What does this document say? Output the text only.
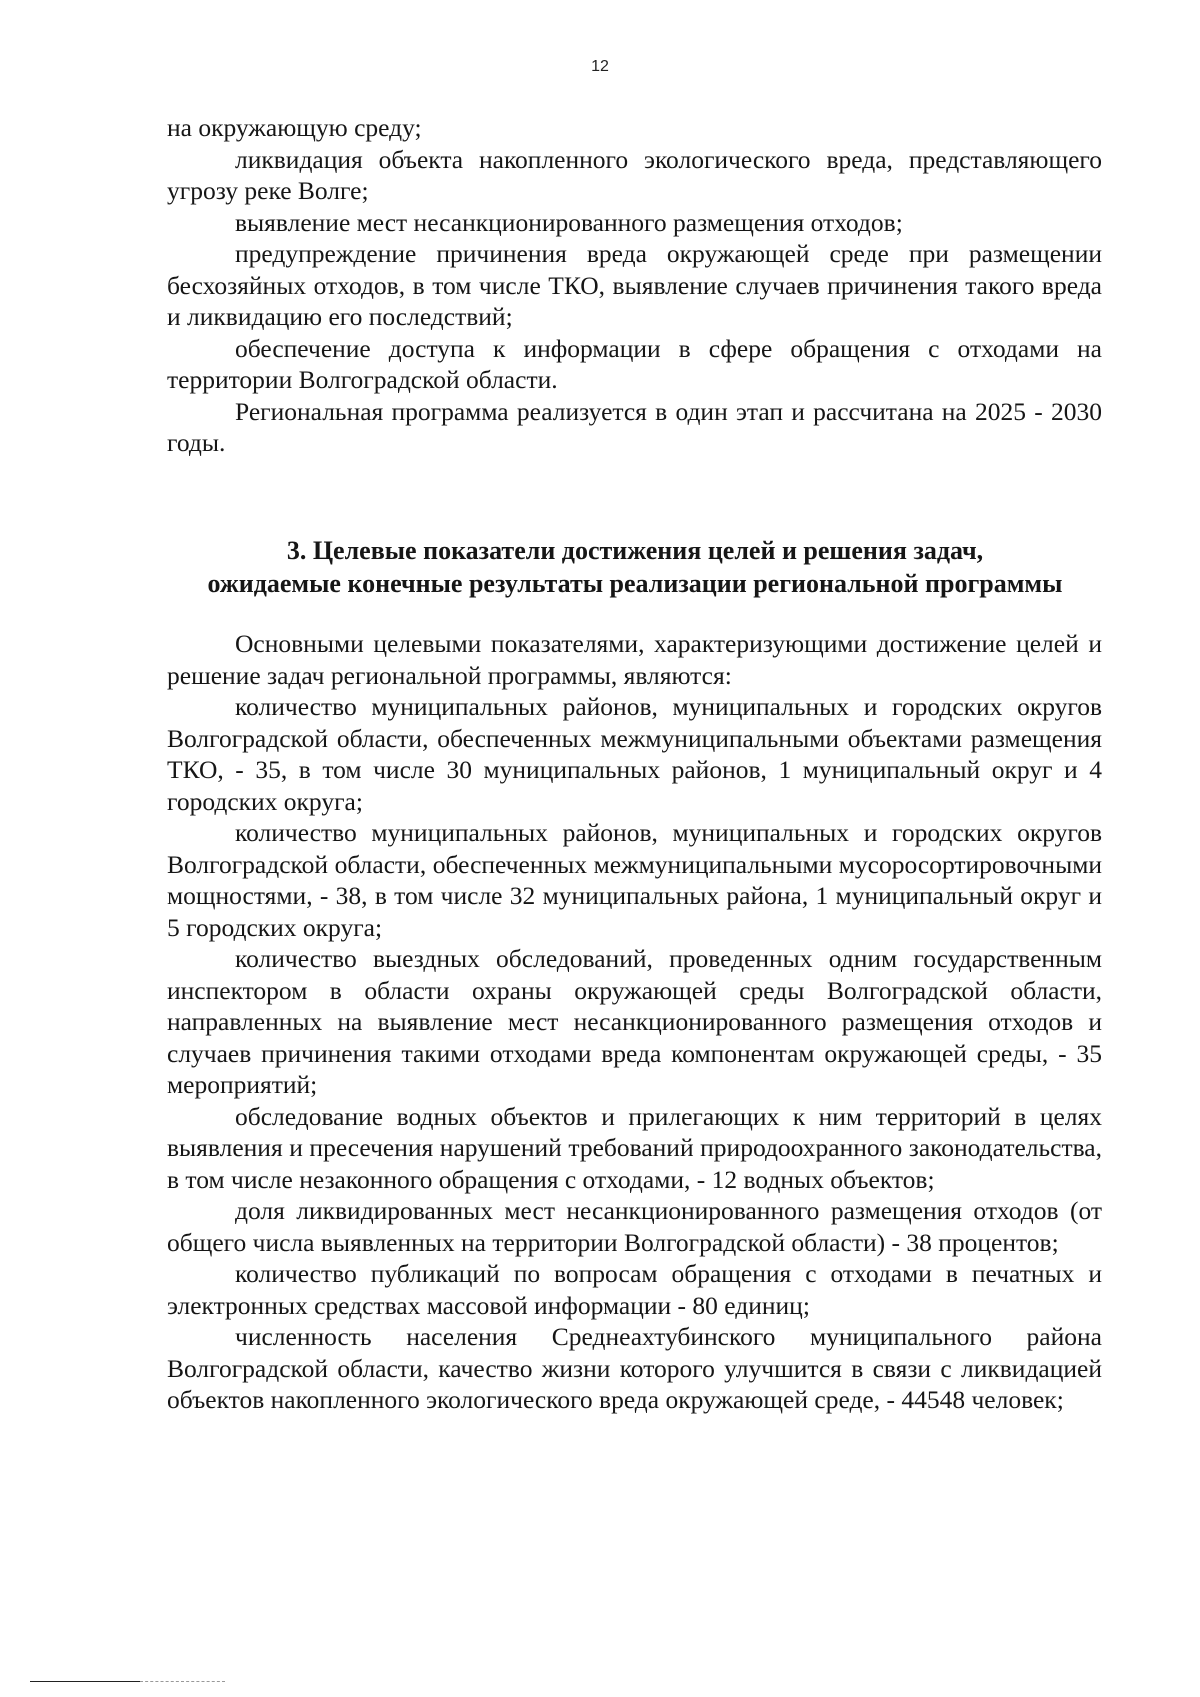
12

на окружающую среду;

ликвидация объекта накопленного экологического вреда, представляющего угрозу реке Волге;

выявление мест несанкционированного размещения отходов;

предупреждение причинения вреда окружающей среде при размещении бесхозяйных отходов, в том числе ТКО, выявление случаев причинения такого вреда и ликвидацию его последствий;

обеспечение доступа к информации в сфере обращения с отходами на территории Волгоградской области.

Региональная программа реализуется в один этап и рассчитана на 2025 - 2030 годы.

3. Целевые показатели достижения целей и решения задач,
ожидаемые конечные результаты реализации региональной программы

Основными целевыми показателями, характеризующими достижение целей и решение задач региональной программы, являются:

количество муниципальных районов, муниципальных и городских округов Волгоградской области, обеспеченных межмуниципальными объектами размещения ТКО, - 35, в том числе 30 муниципальных районов, 1 муниципальный округ и 4 городских округа;

количество муниципальных районов, муниципальных и городских округов Волгоградской области, обеспеченных межмуниципальными мусоросортировочными мощностями, - 38, в том числе 32 муниципальных района, 1 муниципальный округ и 5 городских округа;

количество выездных обследований, проведенных одним государственным инспектором в области охраны окружающей среды Волгоградской области, направленных на выявление мест несанкционированного размещения отходов и случаев причинения такими отходами вреда компонентам окружающей среды, - 35 мероприятий;

обследование водных объектов и прилегающих к ним территорий в целях выявления и пресечения нарушений требований природоохранного законодательства, в том числе незаконного обращения с отходами, - 12 водных объектов;

доля ликвидированных мест несанкционированного размещения отходов (от общего числа выявленных на территории Волгоградской области) - 38 процентов;

количество публикаций по вопросам обращения с отходами в печатных и электронных средствах массовой информации - 80 единиц;

численность населения Среднеахтубинского муниципального района Волгоградской области, качество жизни которого улучшится в связи с ликвидацией объектов накопленного экологического вреда окружающей среде, - 44548 человек;
